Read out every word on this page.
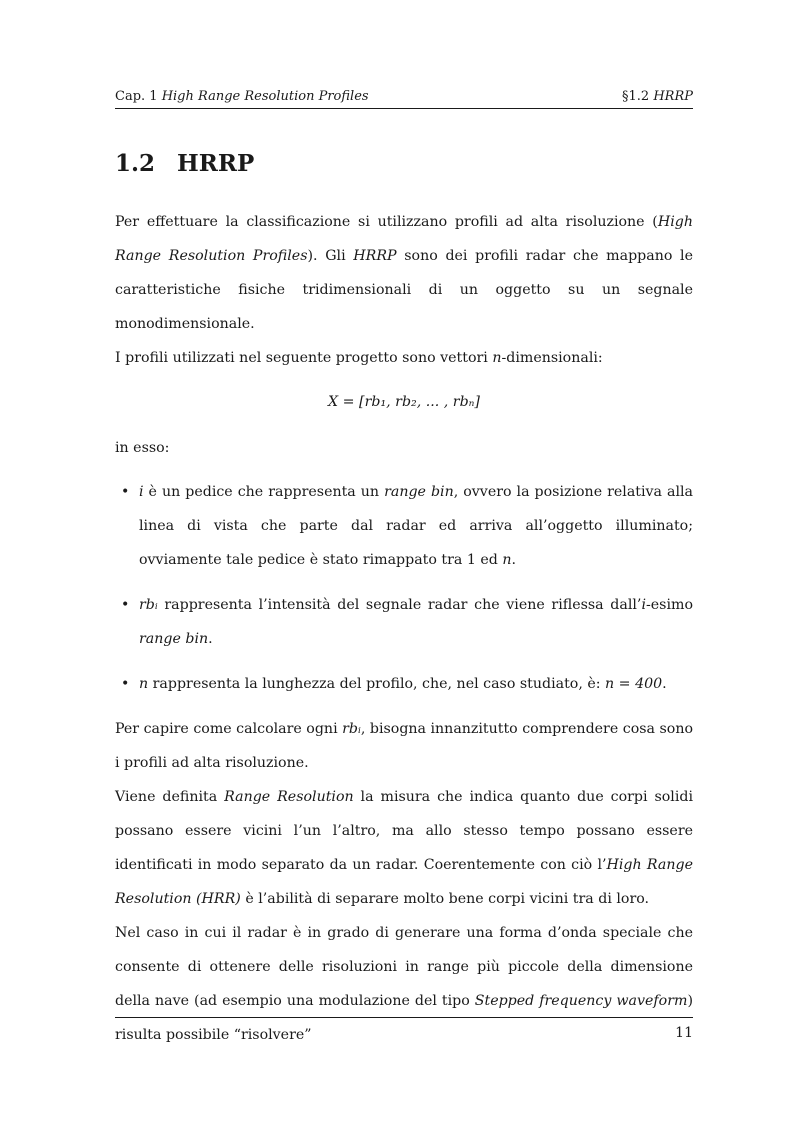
Cap. 1 High Range Resolution Profiles	§1.2 HRRP
1.2 HRRP

Per effettuare la classificazione si utilizzano profili ad alta risoluzione (High Range Resolution Profiles). Gli HRRP sono dei profili radar che mappano le caratteristiche fisiche tridimensionali di un oggetto su un segnale monodimensionale.

I profili utilizzati nel seguente progetto sono vettori n-dimensionali:

X = [rb₁, rb₂, ... , rbₙ]

in esso:

• i è un pedice che rappresenta un range bin, ovvero la posizione relativa alla linea di vista che parte dal radar ed arriva all’oggetto illuminato; ovviamente tale pedice è stato rimappato tra 1 ed n.
• rbᵢ rappresenta l’intensità del segnale radar che viene riflessa dall’i-esimo range bin.
• n rappresenta la lunghezza del profilo, che, nel caso studiato, è: n = 400.

Per capire come calcolare ogni rbᵢ, bisogna innanzitutto comprendere cosa sono i profili ad alta risoluzione.

Viene definita Range Resolution la misura che indica quanto due corpi solidi possano essere vicini l’un l’altro, ma allo stesso tempo possano essere identificati in modo separato da un radar. Coerentemente con ciò l’High Range Resolution (HRR) è l’abilità di separare molto bene corpi vicini tra di loro.

Nel caso in cui il radar è in grado di generare una forma d’onda speciale che consente di ottenere delle risoluzioni in range più piccole della dimensione della nave (ad esempio una modulazione del tipo Stepped frequency waveform) risulta possibile “risolvere”	11
